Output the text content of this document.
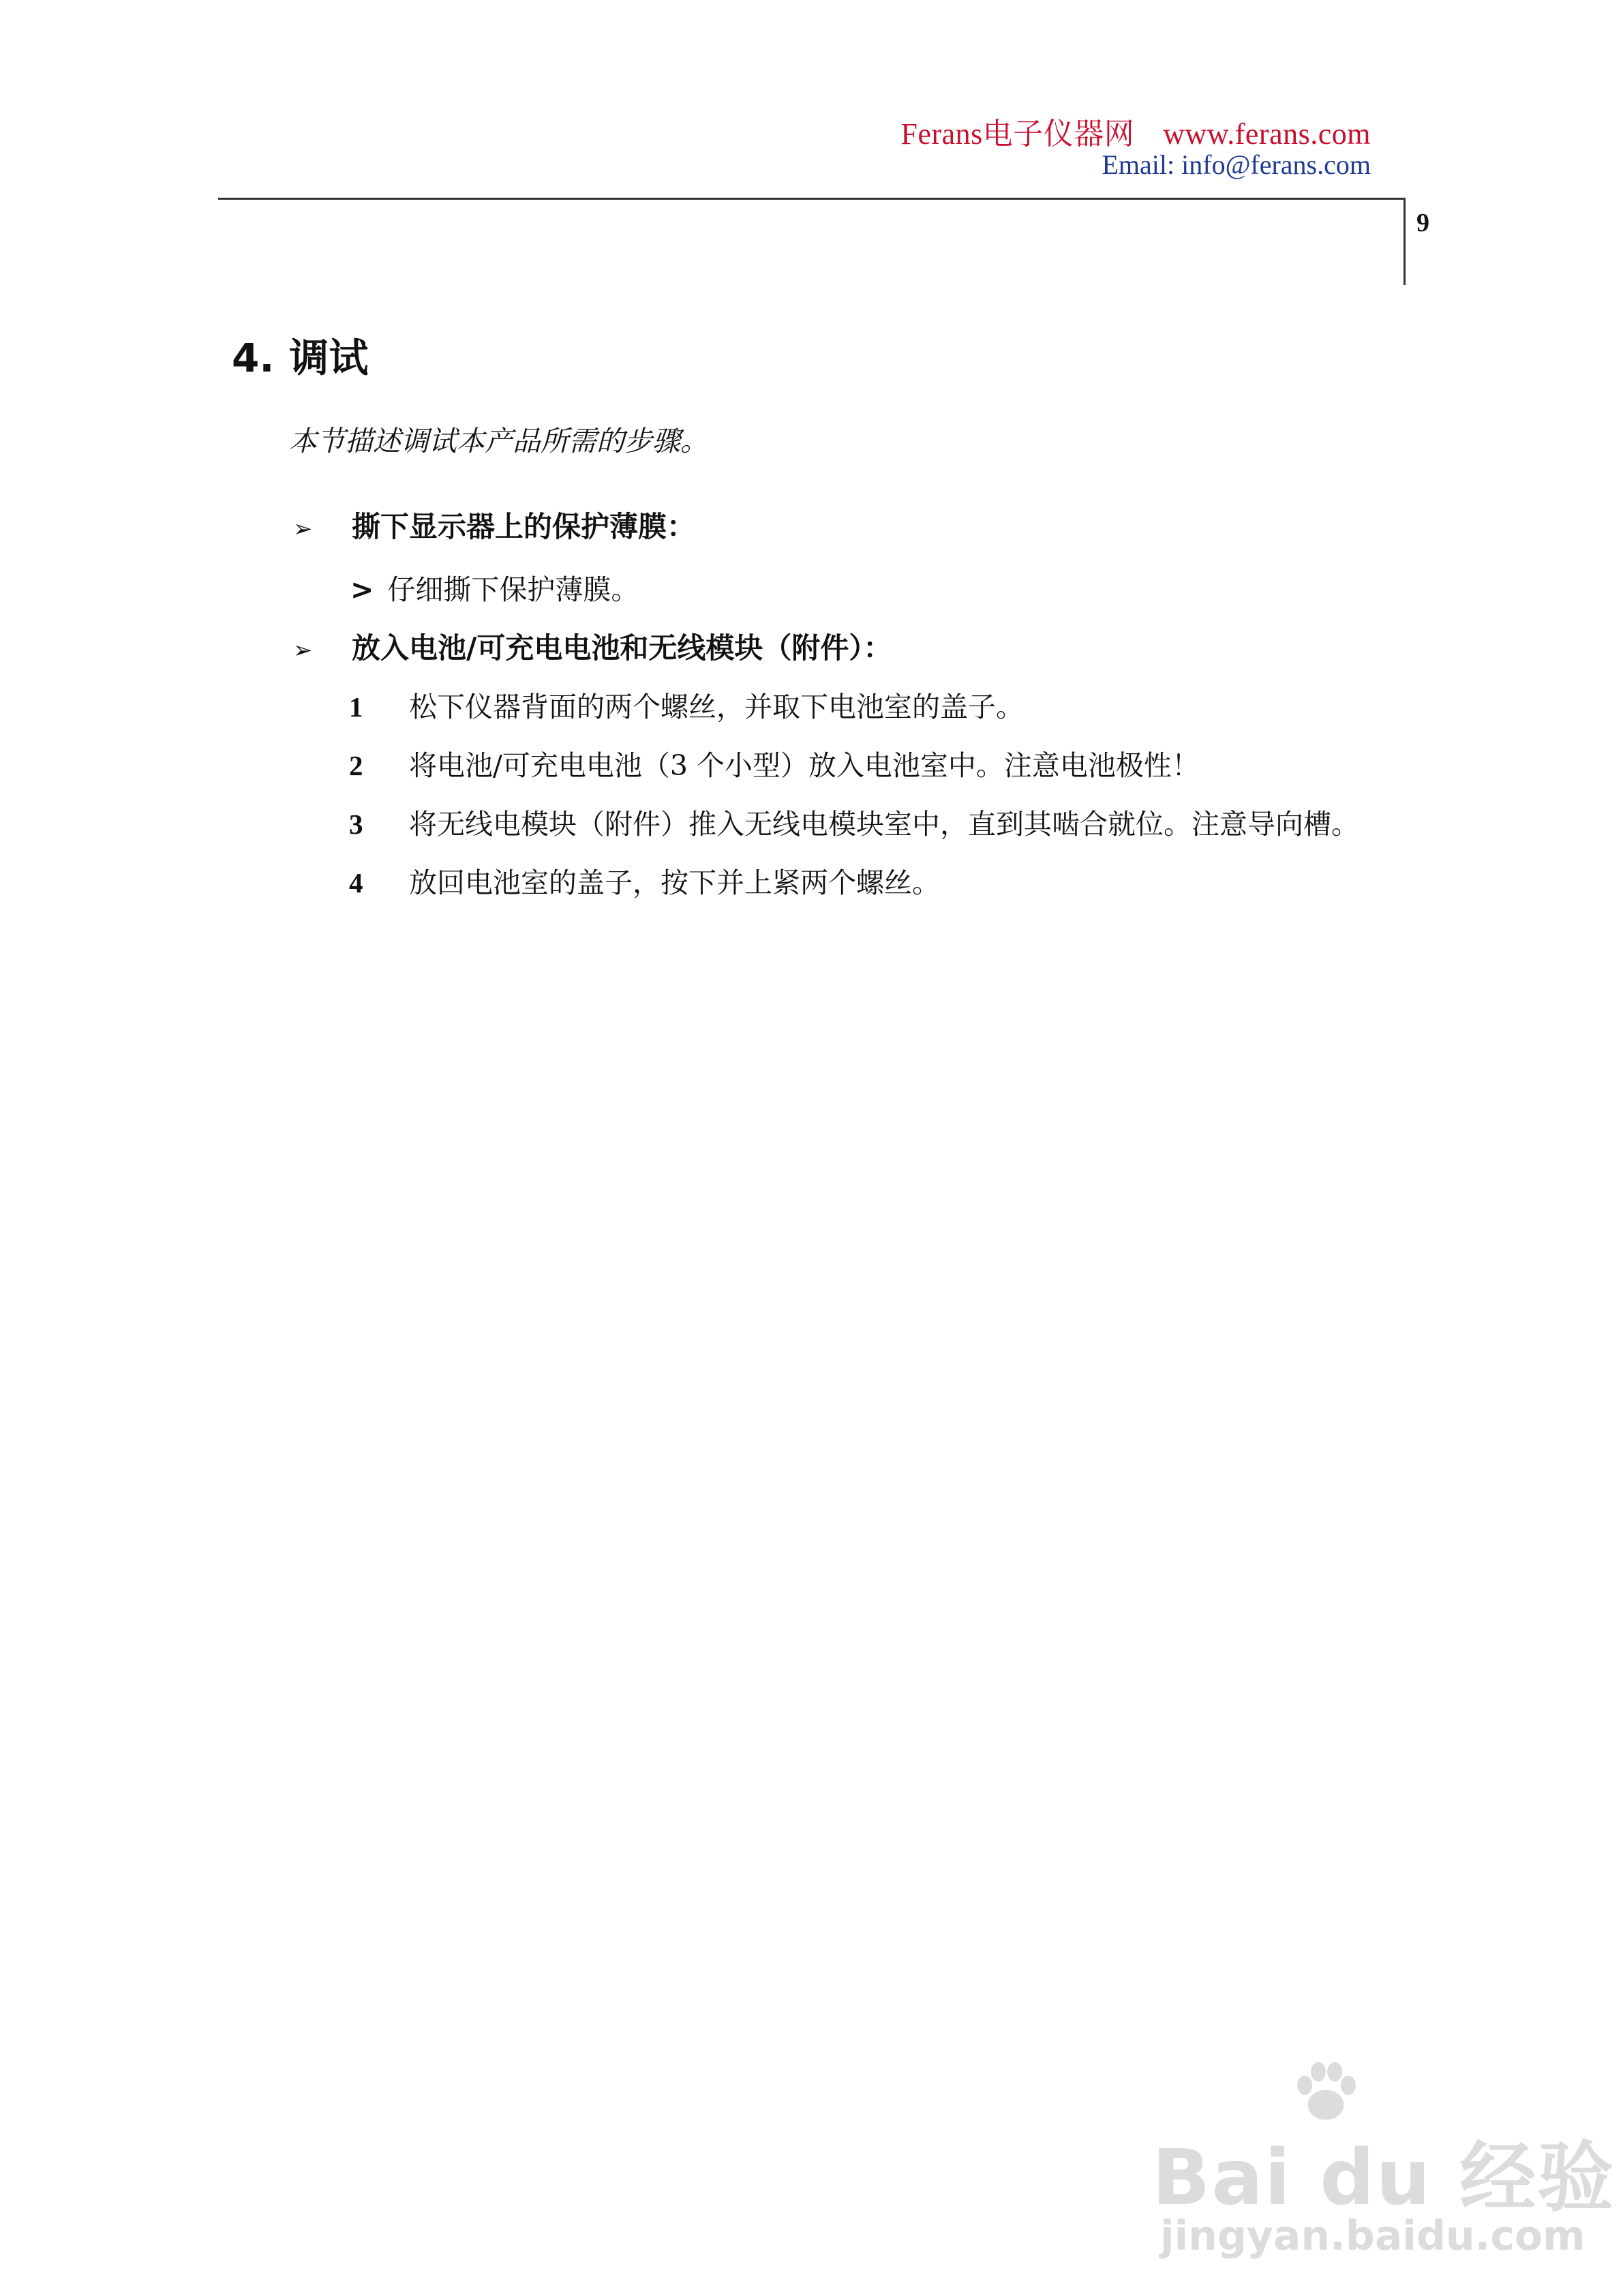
Ferans电子仪器网 www.ferans.com
Email: info@ferans.com
9
4. 调试
本节描述调试本产品所需的步骤。
➢ 撕下显示器上的保护薄膜：
> 仔细撕下保护薄膜。
➢ 放入电池/可充电电池和无线模块（附件）：
1 松下仪器背面的两个螺丝，并取下电池室的盖子。
2 将电池/可充电电池（3 个小型）放入电池室中。注意电池极性！
3 将无线电模块（附件）推入无线电模块室中，直到其啮合就位。注意导向槽。
4 放回电池室的盖子，按下并上紧两个螺丝。
Bai du 经验
jingyan.baidu.com
